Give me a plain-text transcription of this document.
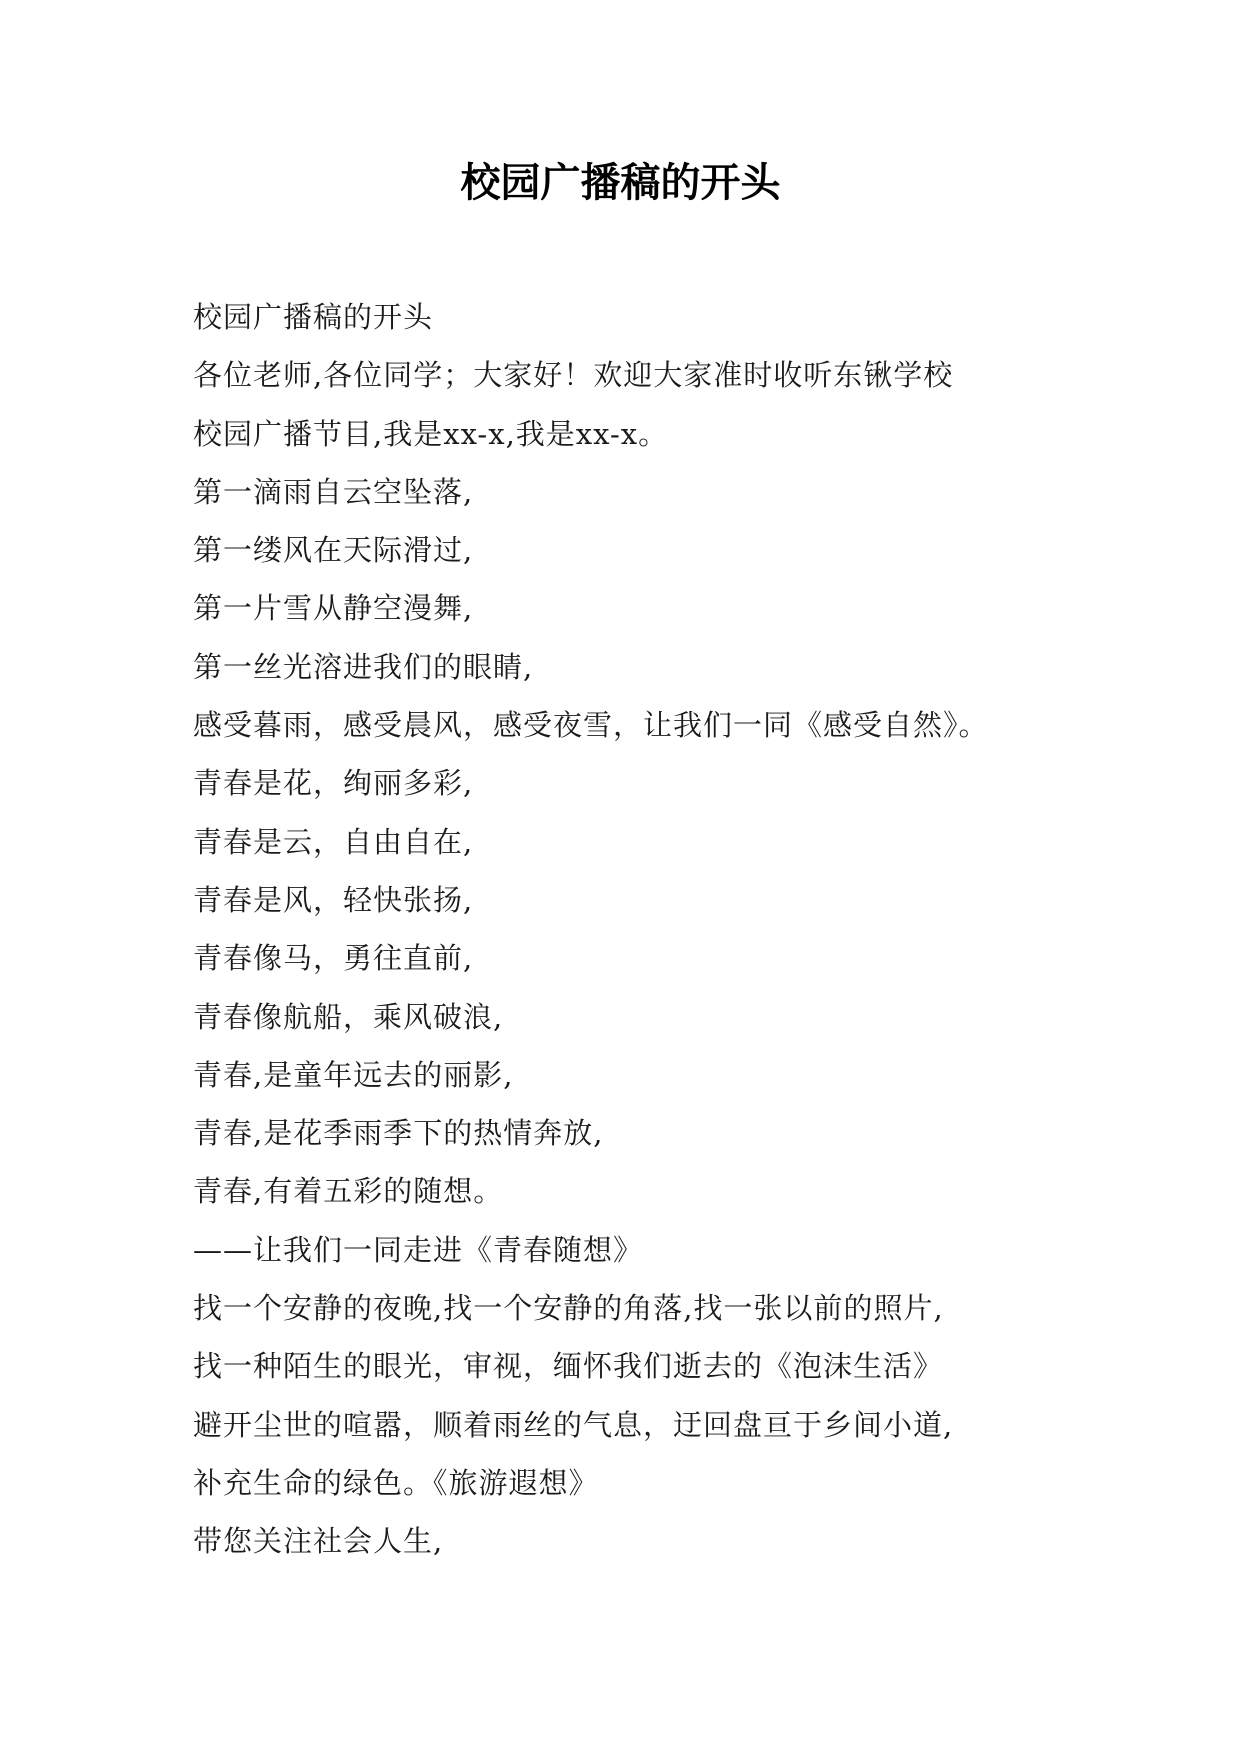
校园广播稿的开头
校园广播稿的开头
各位老师,各位同学；大家好！欢迎大家准时收听东锹学校
校园广播节目,我是xx-x,我是xx-x。
第一滴雨自云空坠落,
第一缕风在天际滑过,
第一片雪从静空漫舞,
第一丝光溶进我们的眼睛,
感受暮雨，感受晨风，感受夜雪，让我们一同《感受自然》。
青春是花，绚丽多彩,
青春是云，自由自在,
青春是风，轻快张扬,
青春像马，勇往直前,
青春像航船，乘风破浪,
青春,是童年远去的丽影,
青春,是花季雨季下的热情奔放,
青春,有着五彩的随想。
——让我们一同走进《青春随想》
找一个安静的夜晚,找一个安静的角落,找一张以前的照片,
找一种陌生的眼光，审视，缅怀我们逝去的《泡沫生活》
避开尘世的喧嚣，顺着雨丝的气息，迂回盘亘于乡间小道,
补充生命的绿色。《旅游遐想》
带您关注社会人生,
